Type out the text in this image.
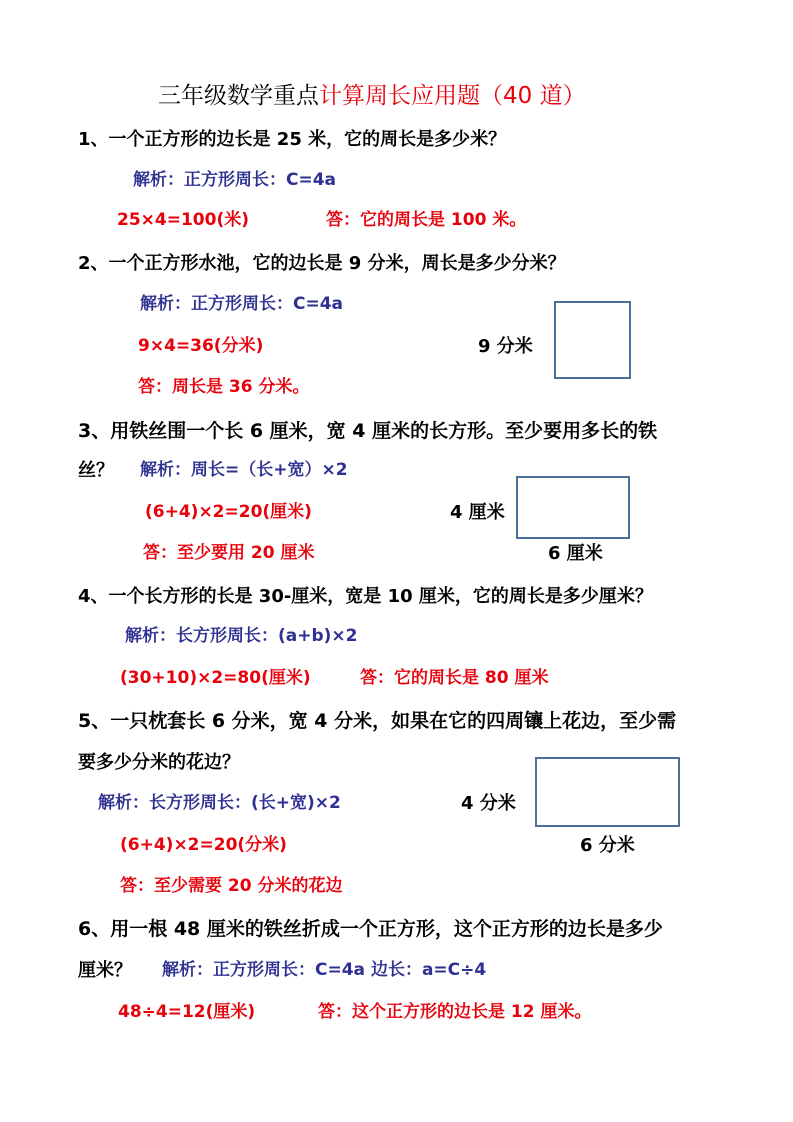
三年级数学重点计算周长应用题（40 道）
1、一个正方形的边长是 25 米，它的周长是多少米？
解析：正方形周长：C=4a
25×4=100(米)	答：它的周长是 100 米。
2、一个正方形水池，它的边长是 9 分米，周长是多少分米？
解析：正方形周长：C=4a
9×4=36(分米)	9 分米
答：周长是 36 分米。
3、用铁丝围一个长 6 厘米，宽 4 厘米的长方形。至少要用多长的铁
丝？ 解析：周长=（长+宽）×2
(6+4)×2=20(厘米)	4 厘米
答：至少要用 20 厘米	6 厘米
4、一个长方形的长是 30-厘米，宽是 10 厘米，它的周长是多少厘米？
解析：长方形周长：(a+b)×2
(30+10)×2=80(厘米)	答：它的周长是 80 厘米
5、一只枕套长 6 分米，宽 4 分米，如果在它的四周镶上花边，至少需
要多少分米的花边？
解析：长方形周长：(长+宽)×2	4 分米
(6+4)×2=20(分米)	6 分米
答：至少需要 20 分米的花边
6、用一根 48 厘米的铁丝折成一个正方形，这个正方形的边长是多少
厘米？ 解析：正方形周长：C=4a 边长：a=C÷4
48÷4=12(厘米)	答：这个正方形的边长是 12 厘米。
